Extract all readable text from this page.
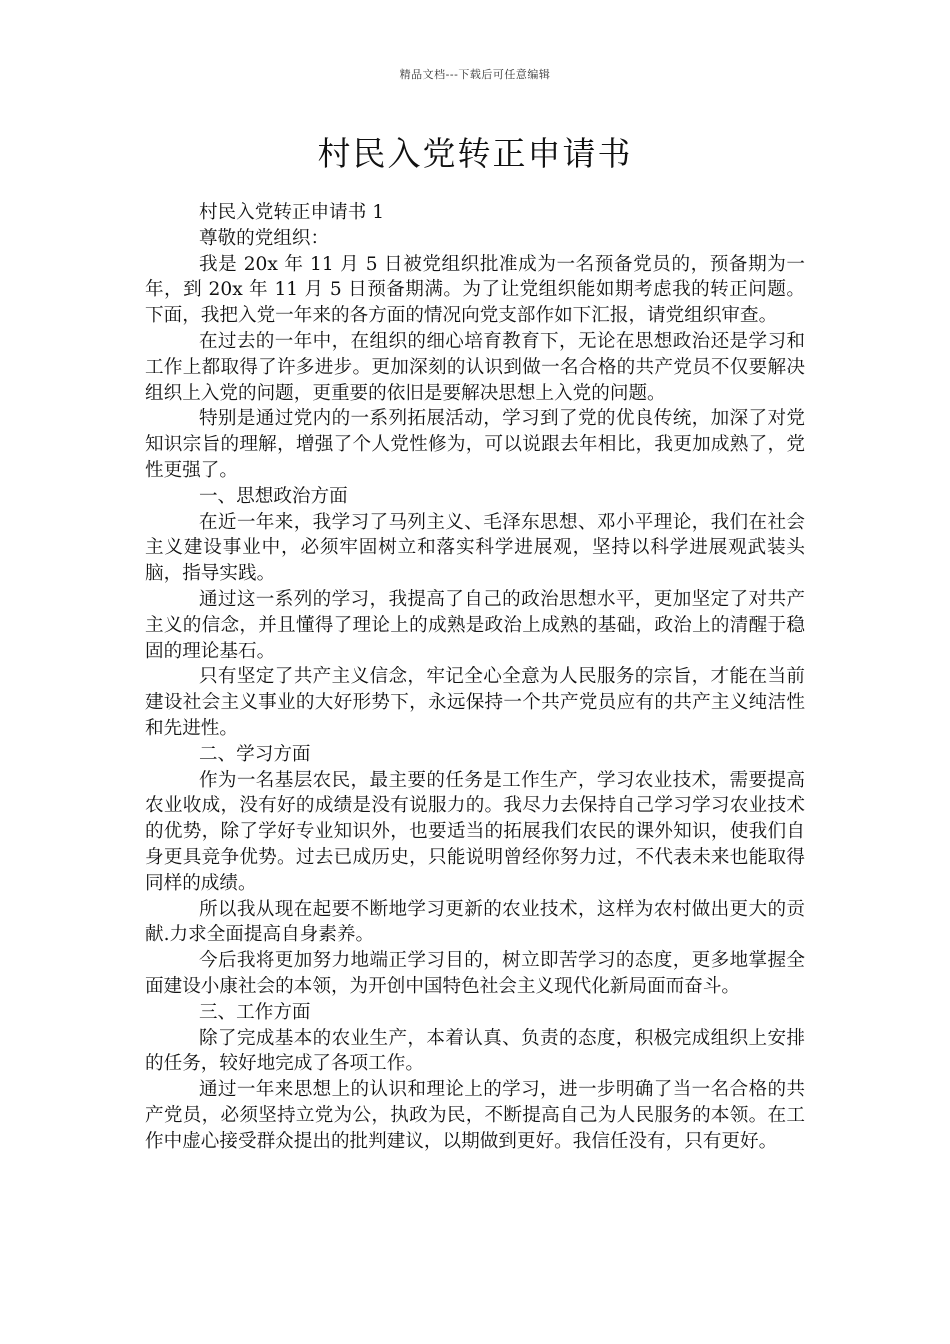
精品文档---下载后可任意编辑
村民入党转正申请书

村民入党转正申请书 1

尊敬的党组织：

我是 20x 年 11 月 5 日被党组织批准成为一名预备党员的，预备期为一年，到 20x 年 11 月 5 日预备期满。为了让党组织能如期考虑我的转正问题。下面，我把入党一年来的各方面的情况向党支部作如下汇报，请党组织审查。

在过去的一年中，在组织的细心培育教育下，无论在思想政治还是学习和工作上都取得了许多进步。更加深刻的认识到做一名合格的共产党员不仅要解决组织上入党的问题，更重要的依旧是要解决思想上入党的问题。

特别是通过党内的一系列拓展活动，学习到了党的优良传统，加深了对党知识宗旨的理解，增强了个人党性修为，可以说跟去年相比，我更加成熟了，党性更强了。

一、思想政治方面

在近一年来，我学习了马列主义、毛泽东思想、邓小平理论，我们在社会主义建设事业中，必须牢固树立和落实科学进展观，坚持以科学进展观武装头脑，指导实践。

通过这一系列的学习，我提高了自己的政治思想水平，更加坚定了对共产主义的信念，并且懂得了理论上的成熟是政治上成熟的基础，政治上的清醒于稳固的理论基石。

只有坚定了共产主义信念，牢记全心全意为人民服务的宗旨，才能在当前建设社会主义事业的大好形势下，永远保持一个共产党员应有的共产主义纯洁性和先进性。

二、学习方面

作为一名基层农民，最主要的任务是工作生产，学习农业技术，需要提高农业收成，没有好的成绩是没有说服力的。我尽力去保持自己学习学习农业技术的优势，除了学好专业知识外，也要适当的拓展我们农民的课外知识，使我们自身更具竞争优势。过去已成历史，只能说明曾经你努力过，不代表未来也能取得同样的成绩。

所以我从现在起要不断地学习更新的农业技术，这样为农村做出更大的贡献.力求全面提高自身素养。

今后我将更加努力地端正学习目的，树立即苦学习的态度，更多地掌握全面建设小康社会的本领，为开创中国特色社会主义现代化新局面而奋斗。

三、工作方面

除了完成基本的农业生产，本着认真、负责的态度，积极完成组织上安排的任务，较好地完成了各项工作。

通过一年来思想上的认识和理论上的学习，进一步明确了当一名合格的共产党员，必须坚持立党为公，执政为民，不断提高自己为人民服务的本领。在工作中虚心接受群众提出的批判建议，以期做到更好。我信任没有，只有更好。
